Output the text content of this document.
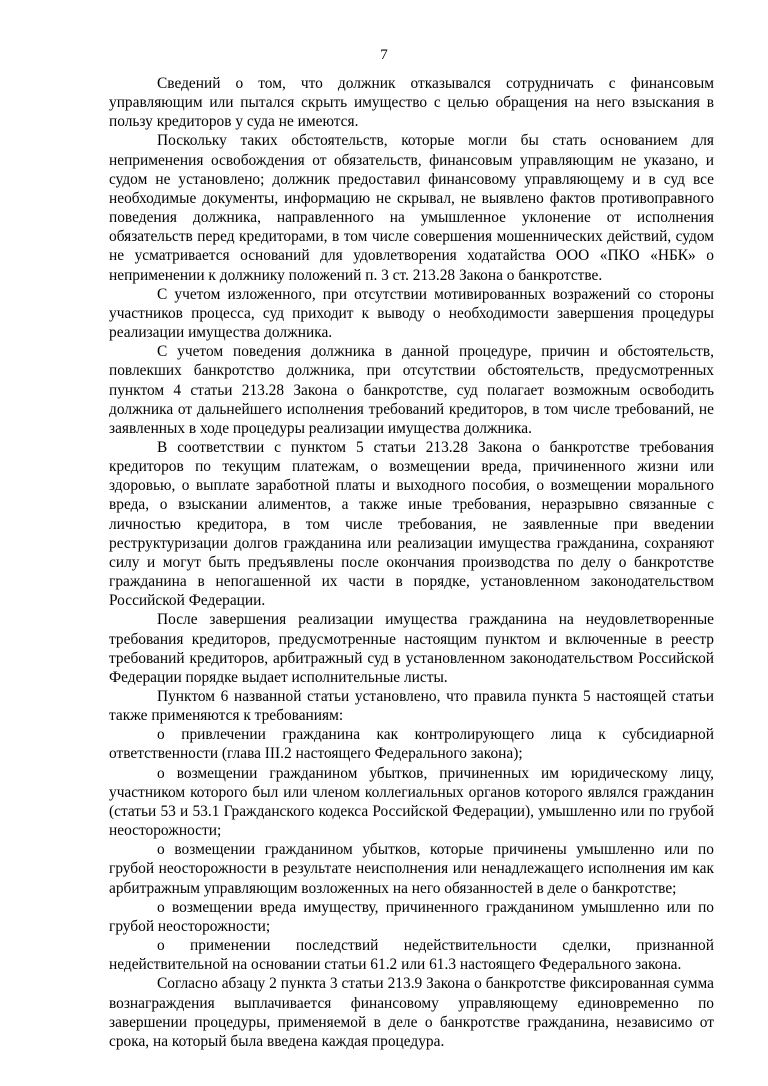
7

Сведений о том, что должник отказывался сотрудничать с финансовым управляющим или пытался скрыть имущество с целью обращения на него взыскания в пользу кредиторов у суда не имеются.

Поскольку таких обстоятельств, которые могли бы стать основанием для неприменения освобождения от обязательств, финансовым управляющим не указано, и судом не установлено; должник предоставил финансовому управляющему и в суд все необходимые документы, информацию не скрывал, не выявлено фактов противоправного поведения должника, направленного на умышленное уклонение от исполнения обязательств перед кредиторами, в том числе совершения мошеннических действий, судом не усматривается оснований для удовлетворения ходатайства ООО «ПКО «НБК» о неприменении к должнику положений п. 3 ст. 213.28 Закона о банкротстве.

С учетом изложенного, при отсутствии мотивированных возражений со стороны участников процесса, суд приходит к выводу о необходимости завершения процедуры реализации имущества должника.

С учетом поведения должника в данной процедуре, причин и обстоятельств, повлекших банкротство должника, при отсутствии обстоятельств, предусмотренных пунктом 4 статьи 213.28 Закона о банкротстве, суд полагает возможным освободить должника от дальнейшего исполнения требований кредиторов, в том числе требований, не заявленных в ходе процедуры реализации имущества должника.

В соответствии с пунктом 5 статьи 213.28 Закона о банкротстве требования кредиторов по текущим платежам, о возмещении вреда, причиненного жизни или здоровью, о выплате заработной платы и выходного пособия, о возмещении морального вреда, о взыскании алиментов, а также иные требования, неразрывно связанные с личностью кредитора, в том числе требования, не заявленные при введении реструктуризации долгов гражданина или реализации имущества гражданина, сохраняют силу и могут быть предъявлены после окончания производства по делу о банкротстве гражданина в непогашенной их части в порядке, установленном законодательством Российской Федерации.

После завершения реализации имущества гражданина на неудовлетворенные требования кредиторов, предусмотренные настоящим пунктом и включенные в реестр требований кредиторов, арбитражный суд в установленном законодательством Российской Федерации порядке выдает исполнительные листы.

Пунктом 6 названной статьи установлено, что правила пункта 5 настоящей статьи также применяются к требованиям:

о привлечении гражданина как контролирующего лица к субсидиарной ответственности (глава III.2 настоящего Федерального закона);

о возмещении гражданином убытков, причиненных им юридическому лицу, участником которого был или членом коллегиальных органов которого являлся гражданин (статьи 53 и 53.1 Гражданского кодекса Российской Федерации), умышленно или по грубой неосторожности;

о возмещении гражданином убытков, которые причинены умышленно или по грубой неосторожности в результате неисполнения или ненадлежащего исполнения им как арбитражным управляющим возложенных на него обязанностей в деле о банкротстве;

о возмещении вреда имуществу, причиненного гражданином умышленно или по грубой неосторожности;

о применении последствий недействительности сделки, признанной недействительной на основании статьи 61.2 или 61.3 настоящего Федерального закона.

Согласно абзацу 2 пункта 3 статьи 213.9 Закона о банкротстве фиксированная сумма вознаграждения выплачивается финансовому управляющему единовременно по завершении процедуры, применяемой в деле о банкротстве гражданина, независимо от срока, на который была введена каждая процедура.
